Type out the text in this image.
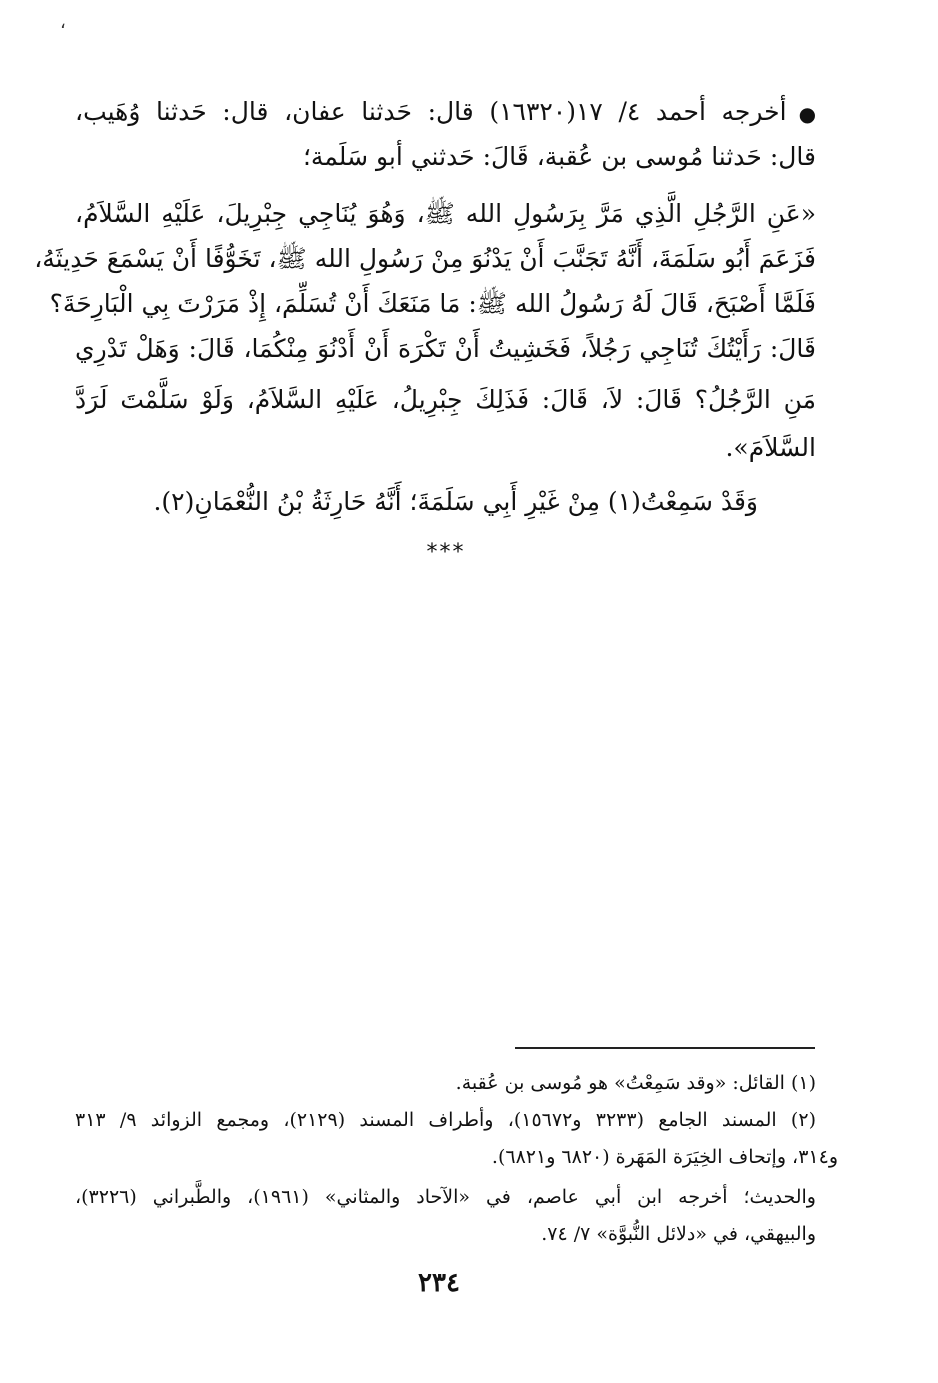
،
●أخرجه أحمد ٤/ ١٧(١٦٣٢٠) قال: حَدثنا عفان، قال: حَدثنا وُهَيب،
قال: حَدثنا مُوسى بن عُقبة، قَالَ: حَدثني أبو سَلَمة؛
«عَنِ الرَّجُلِ الَّذِي مَرَّ بِرَسُولِ الله ﷺ، وَهُوَ يُنَاجِي جِبْرِيلَ، عَلَيْهِ السَّلاَمُ،
فَزَعَمَ أَبُو سَلَمَةَ، أَنَّهُ تَجَنَّبَ أَنْ يَدْنُوَ مِنْ رَسُولِ الله ﷺ، تَخَوُّفًا أَنْ يَسْمَعَ حَدِيثَهُ،
فَلَمَّا أَصْبَحَ، قَالَ لَهُ رَسُولُ الله ﷺ: مَا مَنَعَكَ أَنْ تُسَلِّمَ، إِذْ مَرَرْتَ بِي الْبَارِحَةَ؟
قَالَ: رَأَيْتُكَ تُنَاجِي رَجُلاً، فَخَشِيتُ أَنْ تَكْرَهَ أَنْ أَدْنُوَ مِنْكُمَا، قَالَ: وَهَلْ تَدْرِي
مَنِ الرَّجُلُ؟ قَالَ: لاَ، قَالَ: فَذَلِكَ جِبْرِيلُ، عَلَيْهِ السَّلاَمُ، وَلَوْ سَلَّمْتَ لَرَدَّ
السَّلاَمَ».
وَقَدْ سَمِعْتُ(١) مِنْ غَيْرِ أَبِي سَلَمَةَ؛ أَنَّهُ حَارِثَةُ بْنُ النُّعْمَانِ(٢).
***
(١) القائل: «وقد سَمِعْتُ» هو مُوسى بن عُقبة.
(٢) المسند الجامع (٣٢٣٣ و١٥٦٧٢)، وأطراف المسند (٢١٢٩)، ومجمع الزوائد ٩/ ٣١٣
و٣١٤، وإتحاف الخِيَرَة المَهَرة (٦٨٢٠ و٦٨٢١).
والحديث؛ أخرجه ابن أبي عاصم، في «الآحاد والمثاني» (١٩٦١)، والطَّبراني (٣٢٢٦)،
والبيهقي، في «دلائل النُّبوَّة» ٧/ ٧٤.
٢٣٤
